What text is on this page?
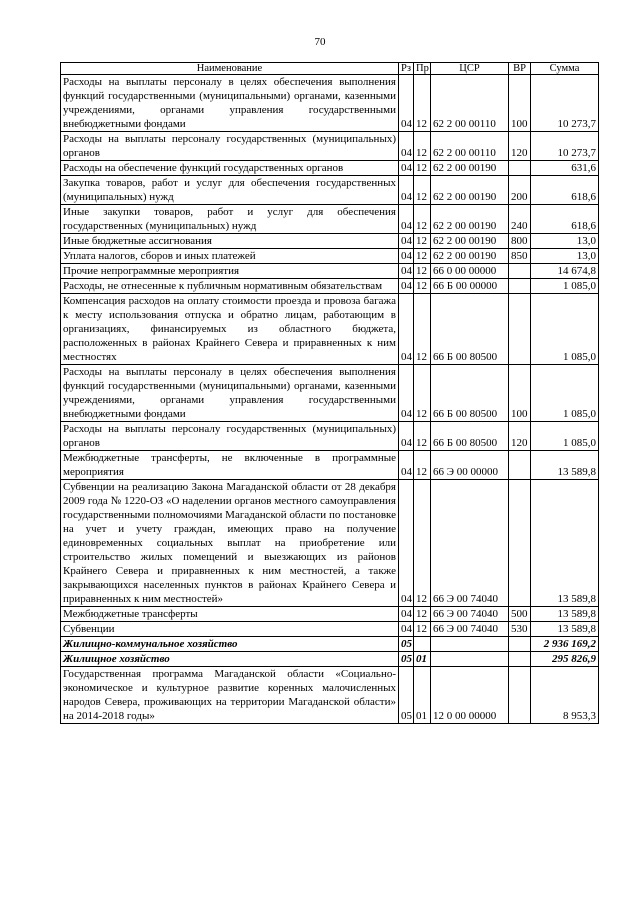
70
Наименование	Рз	Пр	ЦСР	ВР	Сумма
Расходы на выплаты персоналу в целях обеспечения выполнения функций государственными (муниципальными) органами, казенными учреждениями, органами управления государственными внебюджетными фондами	04	12	62 2 00 00110	100	10 273,7
Расходы на выплаты персоналу государственных (муниципальных) органов	04	12	62 2 00 00110	120	10 273,7
Расходы на обеспечение функций государственных органов	04	12	62 2 00 00190		631,6
Закупка товаров, работ и услуг для обеспечения государственных (муниципальных) нужд	04	12	62 2 00 00190	200	618,6
Иные закупки товаров, работ и услуг для обеспечения государственных (муниципальных) нужд	04	12	62 2 00 00190	240	618,6
Иные бюджетные ассигнования	04	12	62 2 00 00190	800	13,0
Уплата налогов, сборов и иных платежей	04	12	62 2 00 00190	850	13,0
Прочие непрограммные мероприятия	04	12	66 0 00 00000		14 674,8
Расходы, не отнесенные к публичным нормативным обязательствам	04	12	66 Б 00 00000		1 085,0
Компенсация расходов на оплату стоимости проезда и провоза багажа к месту использования отпуска и обратно лицам, работающим в организациях, финансируемых из областного бюджета, расположенных в районах Крайнего Севера и приравненных к ним местностях	04	12	66 Б 00 80500		1 085,0
Расходы на выплаты персоналу в целях обеспечения выполнения функций государственными (муниципальными) органами, казенными учреждениями, органами управления государственными внебюджетными фондами	04	12	66 Б 00 80500	100	1 085,0
Расходы на выплаты персоналу государственных (муниципальных) органов	04	12	66 Б 00 80500	120	1 085,0
Межбюджетные трансферты, не включенные в программные мероприятия	04	12	66 Э 00 00000		13 589,8
Субвенции на реализацию Закона Магаданской области от 28 декабря 2009 года № 1220-ОЗ «О наделении органов местного самоуправления государственными полномочиями Магаданской области по постановке на учет и учету граждан, имеющих право на получение единовременных социальных выплат на приобретение или строительство жилых помещений и выезжающих из районов Крайнего Севера и приравненных к ним местностей, а также закрывающихся населенных пунктов в районах Крайнего Севера и приравненных к ним местностей»	04	12	66 Э 00 74040		13 589,8
Межбюджетные трансферты	04	12	66 Э 00 74040	500	13 589,8
Субвенции	04	12	66 Э 00 74040	530	13 589,8
Жилищно-коммунальное хозяйство	05				2 936 169,2
Жилищное хозяйство	05	01			295 826,9
Государственная программа Магаданской области «Социально-экономическое и культурное развитие коренных малочисленных народов Севера, проживающих на территории Магаданской области» на 2014-2018 годы»	05	01	12 0 00 00000		8 953,3
